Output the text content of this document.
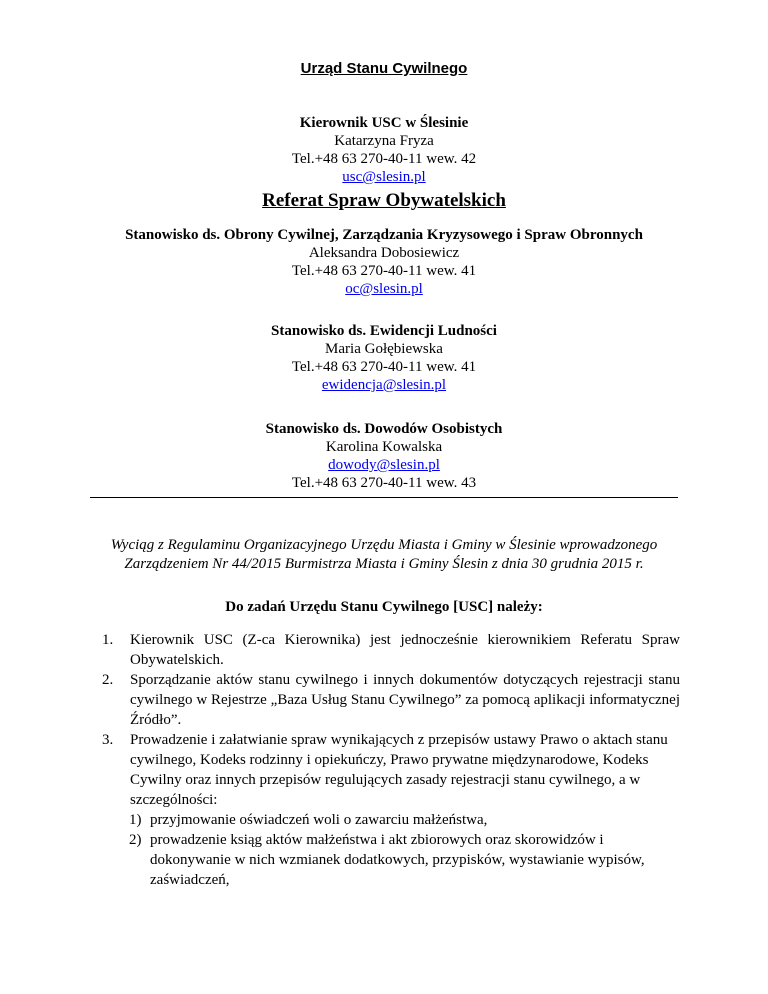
Urząd Stanu Cywilnego
Kierownik USC w Ślesinie
Katarzyna Fryza
Tel.+48 63 270-40-11 wew. 42
usc@slesin.pl
Referat Spraw Obywatelskich
Stanowisko ds. Obrony Cywilnej, Zarządzania Kryzysowego i Spraw Obronnych
Aleksandra Dobosiewicz
Tel.+48 63 270-40-11 wew. 41
oc@slesin.pl
Stanowisko ds. Ewidencji Ludności
Maria Gołębiewska
Tel.+48 63 270-40-11 wew. 41
ewidencja@slesin.pl
Stanowisko ds. Dowodów Osobistych
Karolina Kowalska
dowody@slesin.pl
Tel.+48 63 270-40-11 wew. 43
Wyciąg z Regulaminu Organizacyjnego Urzędu Miasta i Gminy w Ślesinie wprowadzonego
Zarządzeniem Nr 44/2015 Burmistrza Miasta i Gminy Ślesin z dnia 30 grudnia 2015 r.
Do zadań Urzędu Stanu Cywilnego [USC] należy:
1. Kierownik USC (Z-ca Kierownika) jest jednocześnie kierownikiem Referatu Spraw Obywatelskich.
2. Sporządzanie aktów stanu cywilnego i innych dokumentów dotyczących rejestracji stanu cywilnego w Rejestrze „Baza Usług Stanu Cywilnego” za pomocą aplikacji informatycznej Źródło”.
3. Prowadzenie i załatwianie spraw wynikających z przepisów ustawy Prawo o aktach stanu cywilnego, Kodeks rodzinny i opiekuńczy, Prawo prywatne międzynarodowe, Kodeks Cywilny oraz innych przepisów regulujących zasady rejestracji stanu cywilnego, a w szczególności:
1) przyjmowanie oświadczeń woli o zawarciu małżeństwa,
2) prowadzenie ksiąg aktów małżeństwa i akt zbiorowych oraz skorowidzów i dokonywanie w nich wzmianek dodatkowych, przypisków, wystawianie wypisów, zaświadczeń,
